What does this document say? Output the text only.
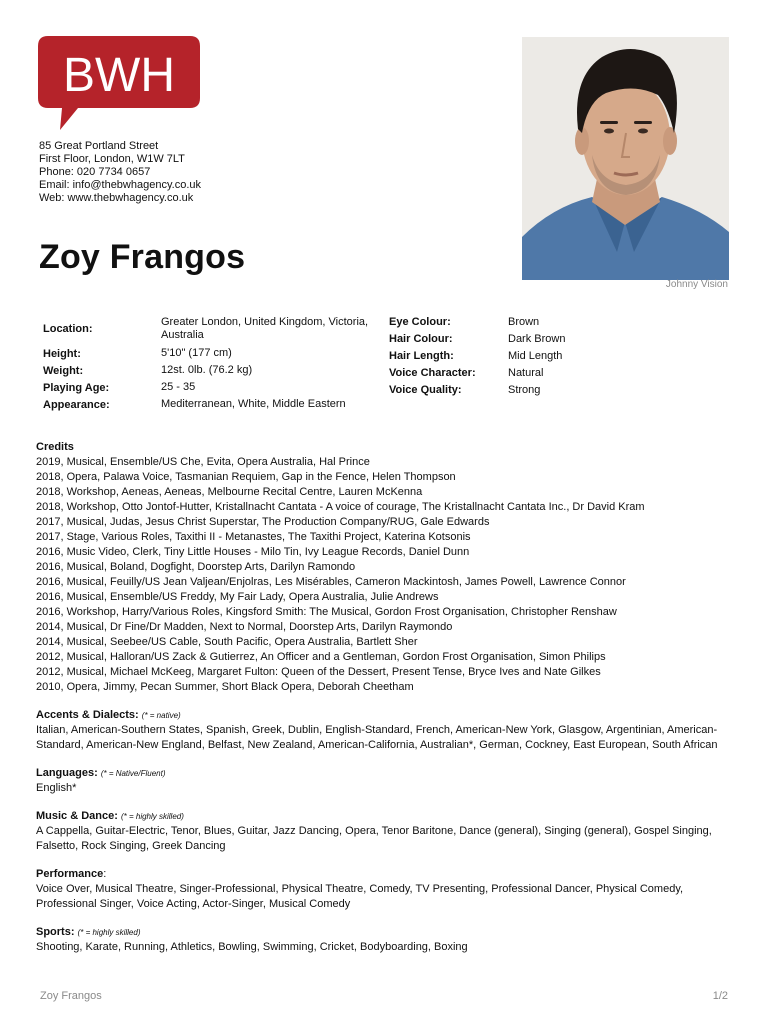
BWH
85 Great Portland Street
First Floor, London, W1W 7LT
Phone: 020 7734 0657
Email: info@thebwhagency.co.uk
Web: www.thebwhagency.co.uk
Johnny Vision
Zoy Frangos
Location:
Greater London, United Kingdom, Victoria, Australia
Height:	5'10" (177 cm)
Weight:	12st. 0lb. (76.2 kg)
Playing Age:	25 - 35
Appearance:	Mediterranean, White, Middle Eastern
Eye Colour:	Brown
Hair Colour:	Dark Brown
Hair Length:	Mid Length
Voice Character:	Natural
Voice Quality:	Strong
Credits
2019, Musical, Ensemble/US Che, Evita, Opera Australia, Hal Prince
2018, Opera, Palawa Voice, Tasmanian Requiem, Gap in the Fence, Helen Thompson
2018, Workshop, Aeneas, Aeneas, Melbourne Recital Centre, Lauren McKenna
2018, Workshop, Otto Jontof-Hutter, Kristallnacht Cantata - A voice of courage, The Kristallnacht Cantata Inc., Dr David Kram
2017, Musical, Judas, Jesus Christ Superstar, The Production Company/RUG, Gale Edwards
2017, Stage, Various Roles, Taxithi II - Metanastes, The Taxithi Project, Katerina Kotsonis
2016, Music Video, Clerk, Tiny Little Houses - Milo Tin, Ivy League Records, Daniel Dunn
2016, Musical, Boland, Dogfight, Doorstep Arts, Darilyn Ramondo
2016, Musical, Feuilly/US Jean Valjean/Enjolras, Les Misérables, Cameron Mackintosh, James Powell, Lawrence Connor
2016, Musical, Ensemble/US Freddy, My Fair Lady, Opera Australia, Julie Andrews
2016, Workshop, Harry/Various Roles, Kingsford Smith: The Musical, Gordon Frost Organisation, Christopher Renshaw
2014, Musical, Dr Fine/Dr Madden, Next to Normal, Doorstep Arts, Darilyn Raymondo
2014, Musical, Seebee/US Cable, South Pacific, Opera Australia, Bartlett Sher
2012, Musical, Halloran/US Zack & Gutierrez, An Officer and a Gentleman, Gordon Frost Organisation, Simon Philips
2012, Musical, Michael McKeeg, Margaret Fulton: Queen of the Dessert, Present Tense, Bryce Ives and Nate Gilkes
2010, Opera, Jimmy, Pecan Summer, Short Black Opera, Deborah Cheetham
Accents & Dialects: (* = native)
Italian, American-Southern States, Spanish, Greek, Dublin, English-Standard, French, American-New York, Glasgow, Argentinian, American-Standard, American-New England, Belfast, New Zealand, American-California, Australian*, German, Cockney, East European, South African
Languages: (* = Native/Fluent)
English*
Music & Dance: (* = highly skilled)
A Cappella, Guitar-Electric, Tenor, Blues, Guitar, Jazz Dancing, Opera, Tenor Baritone, Dance (general), Singing (general), Gospel Singing, Falsetto, Rock Singing, Greek Dancing
Performance:
Voice Over, Musical Theatre, Singer-Professional, Physical Theatre, Comedy, TV Presenting, Professional Dancer, Physical Comedy, Professional Singer, Voice Acting, Actor-Singer, Musical Comedy
Sports: (* = highly skilled)
Shooting, Karate, Running, Athletics, Bowling, Swimming, Cricket, Bodyboarding, Boxing
Zoy Frangos	1/2
